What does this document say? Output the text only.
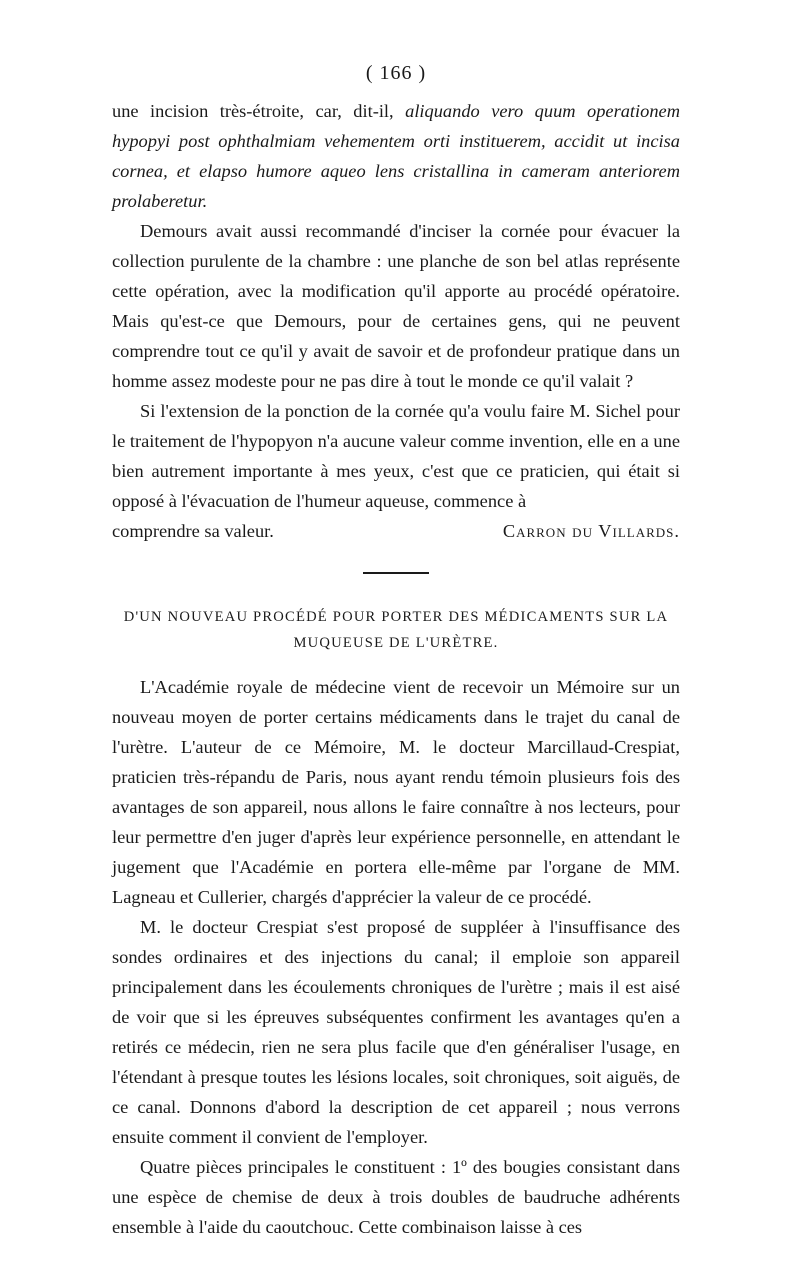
( 166 )

une incision très-étroite, car, dit-il, aliquando vero quum operationem hypopyi post ophthalmiam vehementem orti instituerem, accidit ut incisa cornea, et elapso humore aqueo lens cristallina in cameram anteriorem prolaberetur.

Demours avait aussi recommandé d'inciser la cornée pour évacuer la collection purulente de la chambre : une planche de son bel atlas représente cette opération, avec la modification qu'il apporte au procédé opératoire. Mais qu'est-ce que Demours, pour de certaines gens, qui ne peuvent comprendre tout ce qu'il y avait de savoir et de profondeur pratique dans un homme assez modeste pour ne pas dire à tout le monde ce qu'il valait ?

Si l'extension de la ponction de la cornée qu'a voulu faire M. Sichel pour le traitement de l'hypopyon n'a aucune valeur comme invention, elle en a une bien autrement importante à mes yeux, c'est que ce praticien, qui était si opposé à l'évacuation de l'humeur aqueuse, commence à

comprendre sa valeur.	Carron du Villards.

D'UN NOUVEAU PROCÉDÉ POUR PORTER DES MÉDICAMENTS SUR LA MUQUEUSE DE L'URÈTRE.

L'Académie royale de médecine vient de recevoir un Mémoire sur un nouveau moyen de porter certains médicaments dans le trajet du canal de l'urètre. L'auteur de ce Mémoire, M. le docteur Marcillaud-Crespiat, praticien très-répandu de Paris, nous ayant rendu témoin plusieurs fois des avantages de son appareil, nous allons le faire connaître à nos lecteurs, pour leur permettre d'en juger d'après leur expérience personnelle, en attendant le jugement que l'Académie en portera elle-même par l'organe de MM. Lagneau et Cullerier, chargés d'apprécier la valeur de ce procédé.

M. le docteur Crespiat s'est proposé de suppléer à l'insuffisance des sondes ordinaires et des injections du canal; il emploie son appareil principalement dans les écoulements chroniques de l'urètre ; mais il est aisé de voir que si les épreuves subséquentes confirment les avantages qu'en a retirés ce médecin, rien ne sera plus facile que d'en généraliser l'usage, en l'étendant à presque toutes les lésions locales, soit chroniques, soit aiguës, de ce canal. Donnons d'abord la description de cet appareil ; nous verrons ensuite comment il convient de l'employer.

Quatre pièces principales le constituent : 1º des bougies consistant dans une espèce de chemise de deux à trois doubles de baudruche adhérents ensemble à l'aide du caoutchouc. Cette combinaison laisse à ces
